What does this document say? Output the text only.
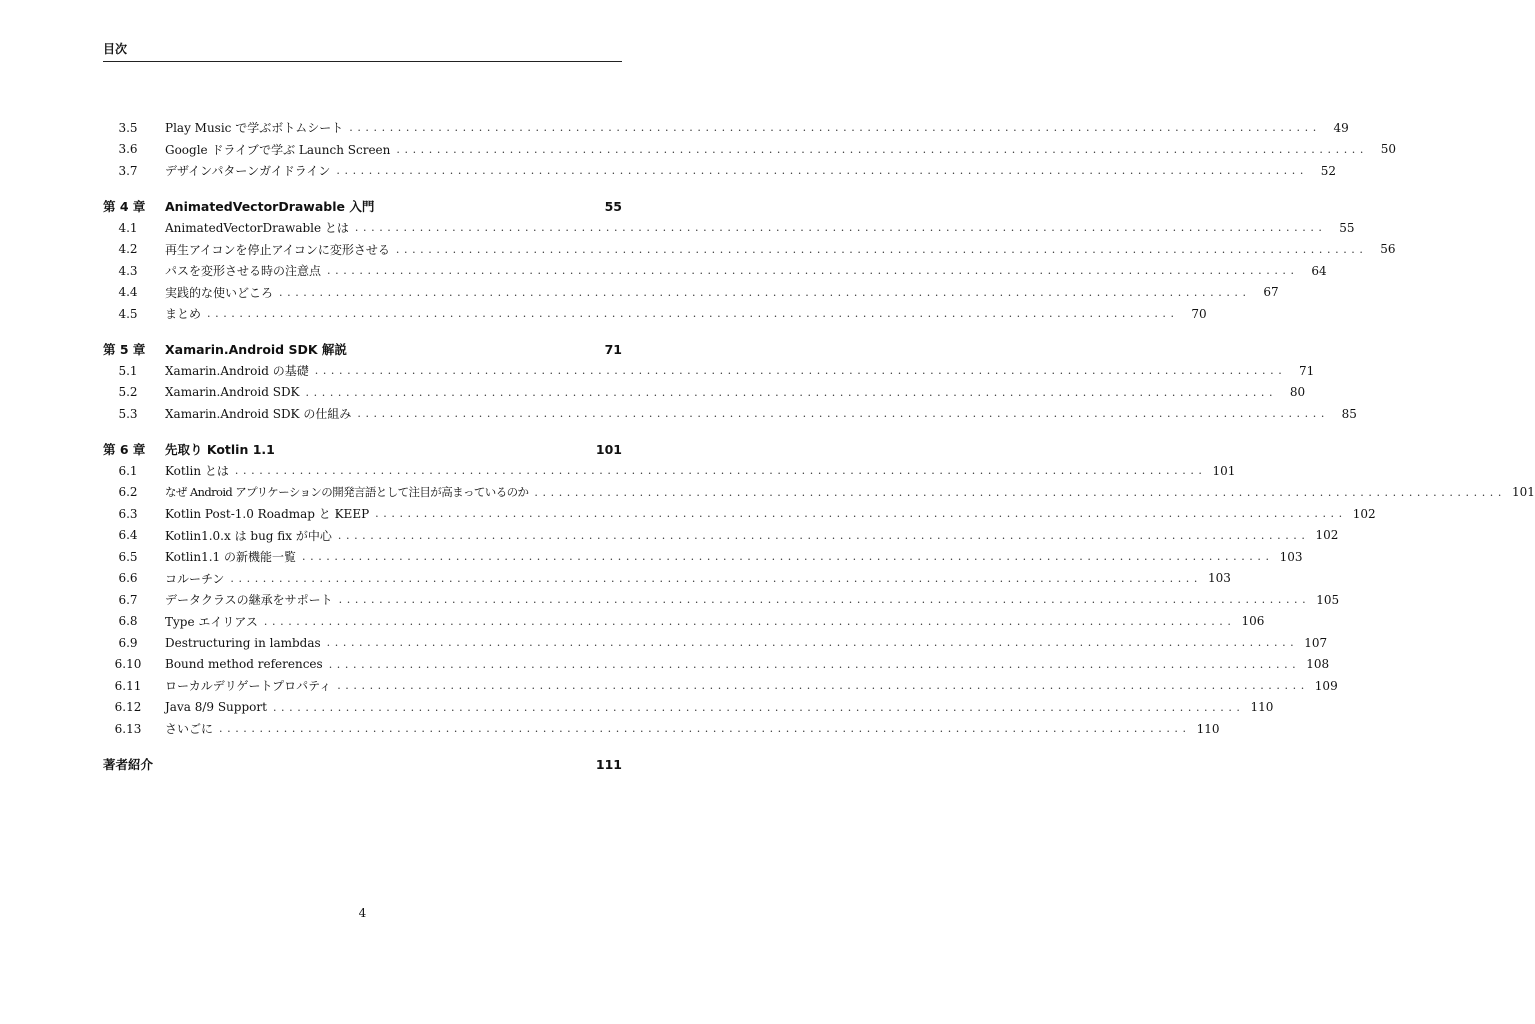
目次
3.5	Play Music で学ぶボトムシート ........................................................................................................................	49
3.6	Google ドライブで学ぶ Launch Screen ........................................................................................................................	50
3.7	デザインパターンガイドライン ........................................................................................................................	52
第 4 章	AnimatedVectorDrawable 入門	55
4.1	AnimatedVectorDrawable とは ........................................................................................................................	55
4.2	再生アイコンを停止アイコンに変形させる ........................................................................................................................	56
4.3	パスを変形させる時の注意点 ........................................................................................................................	64
4.4	実践的な使いどころ ........................................................................................................................	67
4.5	まとめ ........................................................................................................................	70
第 5 章	Xamarin.Android SDK 解説	71
5.1	Xamarin.Android の基礎 ........................................................................................................................	71
5.2	Xamarin.Android SDK ........................................................................................................................	80
5.3	Xamarin.Android SDK の仕組み ........................................................................................................................	85
第 6 章	先取り Kotlin 1.1	101
6.1	Kotlin とは ........................................................................................................................ 101
6.2	なぜ Android アプリケーションの開発言語として注目が高まっているのか ........................................................................................................................ 101
6.3	Kotlin Post-1.0 Roadmap と KEEP ........................................................................................................................ 102
6.4	Kotlin1.0.x は bug fix が中心 ........................................................................................................................ 102
6.5	Kotlin1.1 の新機能一覧 ........................................................................................................................ 103
6.6	コルーチン ........................................................................................................................ 103
6.7	データクラスの継承をサポート ........................................................................................................................ 105
6.8	Type エイリアス ........................................................................................................................ 106
6.9	Destructuring in lambdas ........................................................................................................................ 107
6.10	Bound method references ........................................................................................................................ 108
6.11	ローカルデリゲートプロパティ ........................................................................................................................ 109
6.12	Java 8/9 Support ........................................................................................................................ 110
6.13	さいごに ........................................................................................................................ 110
著者紹介	111
4
